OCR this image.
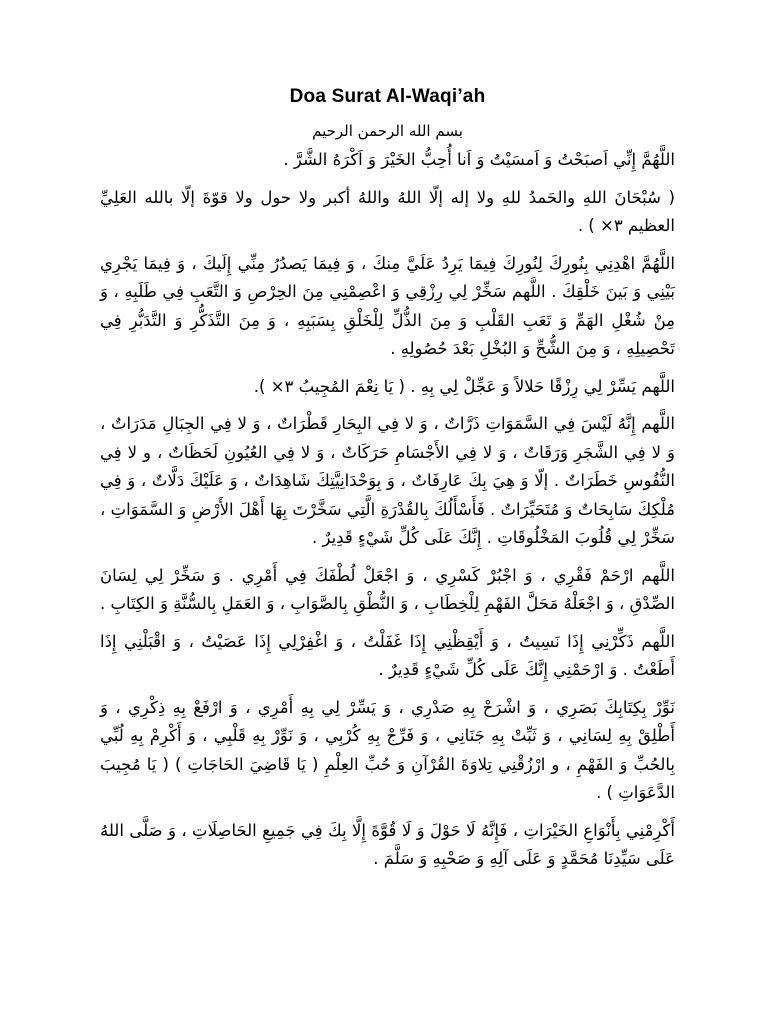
Doa Surat Al-Waqi’ah
بسم الله الرحمن الرحيم

اللَّهُمَّ إِنِّي اَصبَحْتُ وَ اَمسَيْتُ وَ اَنا أُحِبُّ الخَيْرَ وَ اَكْرَهُ الشَّرَّ .

( سُبْحَانَ اللهِ والحَمدُ للهِ ولا إله إلّا اللهُ واللهُ أكبر ولا حول ولا قوّةَ إلّا بالله العَلِيِّ العظيم ٣× ) .

اللَّهُمَّ اهْدِنِي بِنُورِكَ لِنُورِكَ فِيمَا يَرِدُ عَلَيَّ مِنكَ ، وَ فِيمَا يَصدُرُ مِنِّي إِلَيكَ ، وَ فِيمَا يَجْرِي بَيْنِي وَ بَينَ خَلْقِكَ . اللَّهم سَخِّرْ لِي رِزْقِي وَ اعْصِمْنِي مِنَ الحِرْصِ وَ التَّعَبِ فِي طَلَبِهِ ، وَ مِنْ شُغْلِ الهَمِّ وَ تَعَبِ القَلْبِ وَ مِنَ الذُّلِّ لِلْخَلْقِ بِسَبَبِهِ ، وَ مِنَ التَّذَكُّرِ وَ التَّدَبُّرِ فِي تَحْصِيلِهِ ، وَ مِنَ الشُّحِّ وَ البُخْلِ بَعْدَ حُصُولِهِ .

اللَّهم يَسِّرْ لِي رِزْقًا حَلالاً وَ عَجِّلْ لِي بِهِ . ( يَا نِعْمَ المُجِيبُ ٣× ).

اللَّهم إِنَّهُ لَيْسَ فِي السَّمَوَاتِ ذَرَّاتٌ ، وَ لا فِي البِحَارِ قَطْرَاتٌ ، وَ لا فِي الجِبَالِ مَدَرَاتٌ ، وَ لا فِي الشَّجَرِ وَرَقَاتٌ ، وَ لا فِي الأَجْسَامِ حَرَكَاتٌ ، وَ لا فِي العُيُونِ لَحَظَاتٌ ، و لا فِي النُّفُوسِ خَطَرَاتٌ . إلّا وَ هِيَ بِكَ عَارِفَاتٌ ، وَ بِوَحْدَانِيَّتِكَ شَاهِدَاتٌ ، وَ عَلَيْكَ دَلَّاتٌ ، وَ فِي مُلْكِكَ سَابِحَاتٌ وَ مُتَحَيِّرَاتٌ . فَأَسْأَلُكَ بِالقُدْرَةِ الَّتِي سَخَّرْتَ بِهَا أَهْلَ الأَرْضِ وَ السَّمَوَاتِ ، سَخِّرْ لِي قُلُوبَ المَخْلُوقَاتِ . إِنَّكَ عَلَى كُلِّ شَيْءٍ قَدِيرٌ .

اللَّهم ارْحَمْ فَقْرِي ، وَ اجْبُرْ كَسْرِي ، وَ اجْعَلْ لُطْفَكَ فِي أَمْرِي . وَ سَخِّرْ لِي لِسَانَ الصِّدْقِ ، وَ اجْعَلْهُ مَحَلَّ الفَهْمِ لِلْخِطَابِ ، وَ النُّطْقِ بِالصَّوَابِ ، وَ العَمَلِ بِالسُّنَّةِ وَ الكِتَابِ .

اللَّهم ذَكِّرْنِي إِذَا نَسِيتُ ، وَ أَيْقِظْنِي إِذَا غَفَلْتُ ، وَ اغْفِرْلِي إِذَا عَصَيْتُ ، وَ اقْبَلْنِي إِذَا أَطَعْتُ . وَ ارْحَمْنِي إِنَّكَ عَلَى كُلِّ شَيْءٍ قَدِيرٌ .

نَوِّرْ بِكِتَابِكَ بَصَرِي ، وَ اشْرَحْ بِهِ صَدْرِي ، وَ يَسِّرْ لِي بِهِ أَمْرِي ، وَ ارْفَعْ بِهِ ذِكْرِي ، وَ أَطْلِقْ بِهِ لِسَانِي ، وَ ثَبِّتْ بِهِ جَنَانِي ، وَ فَرِّجْ بِهِ كُرْبِي ، وَ نَوِّرْ بِهِ قَلْبِي ، وَ أَكْرِمْ بِهِ لُبِّي بِالحُبِّ وَ الفَهْمِ ، و ارْزُقْنِي تِلاوَةَ القُرْآنِ وَ حُبِّ العِلْمِ ( يَا قَاضِيَ الحَاجَاتِ ) ( يَا مُجِيبَ الدَّعَوَاتِ ) .

أَكْرِمْنِي بِأَنْوَاعِ الخَيْرَاتِ ، فَإِنَّهُ لَا حَوْلَ وَ لَا قُوَّةَ إِلَّا بِكَ فِي جَمِيعِ الحَاصِلَاتِ ، وَ صَلَّى اللهُ عَلَى سَيِّدِنَا مُحَمَّدٍ وَ عَلَى آلِهِ وَ صَحْبِهِ وَ سَلَّمَ .
